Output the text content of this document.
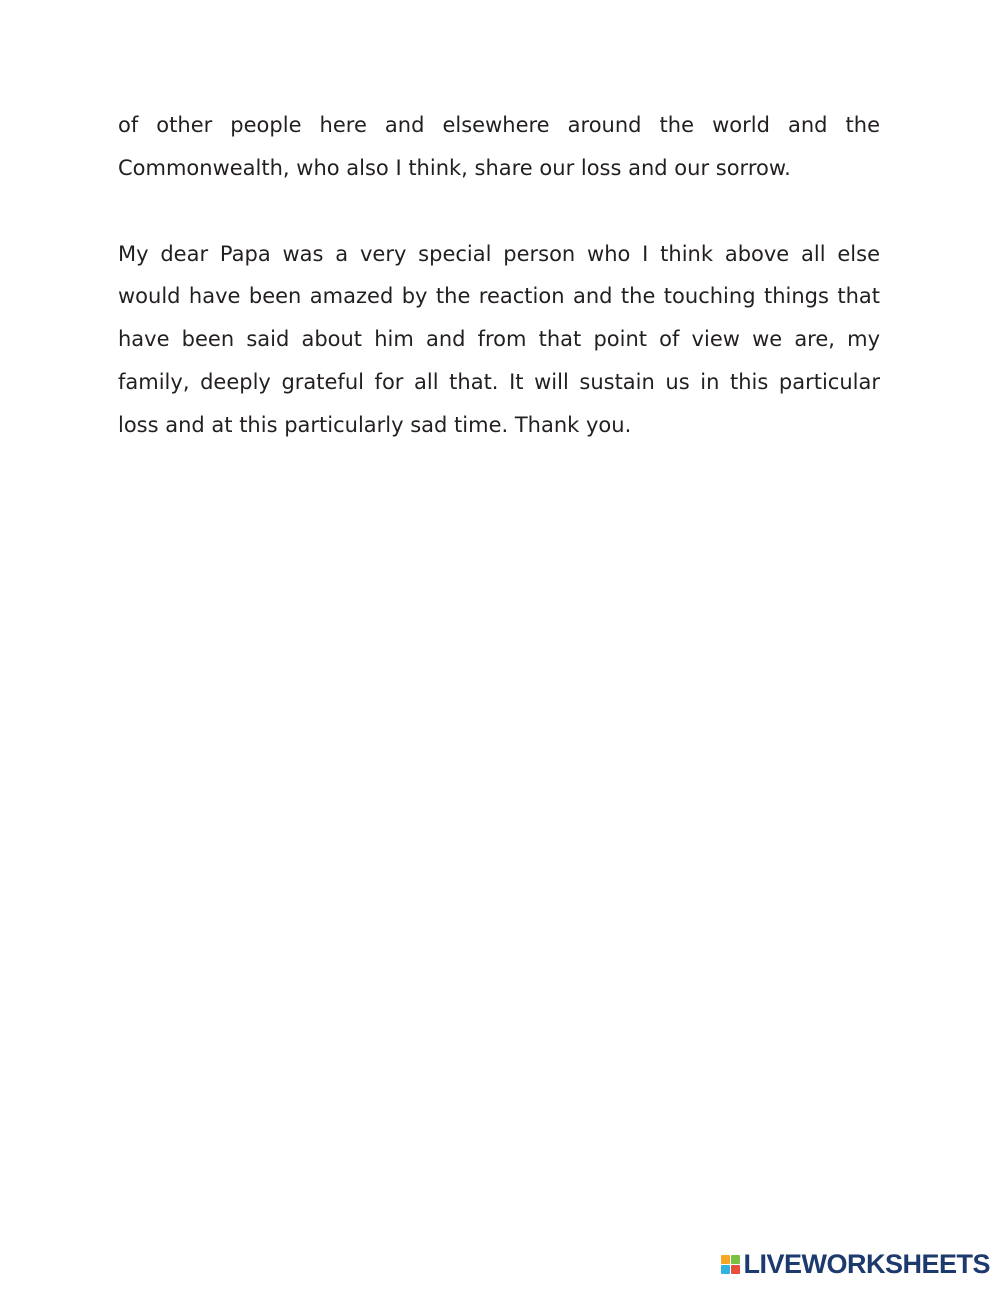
of other people here and elsewhere around the world and the Commonwealth, who also I think, share our loss and our sorrow.

My dear Papa was a very special person who I think above all else would have been amazed by the reaction and the touching things that have been said about him and from that point of view we are, my family, deeply grateful for all that. It will sustain us in this particular loss and at this particularly sad time. Thank you.

LIVEWORKSHEETS
